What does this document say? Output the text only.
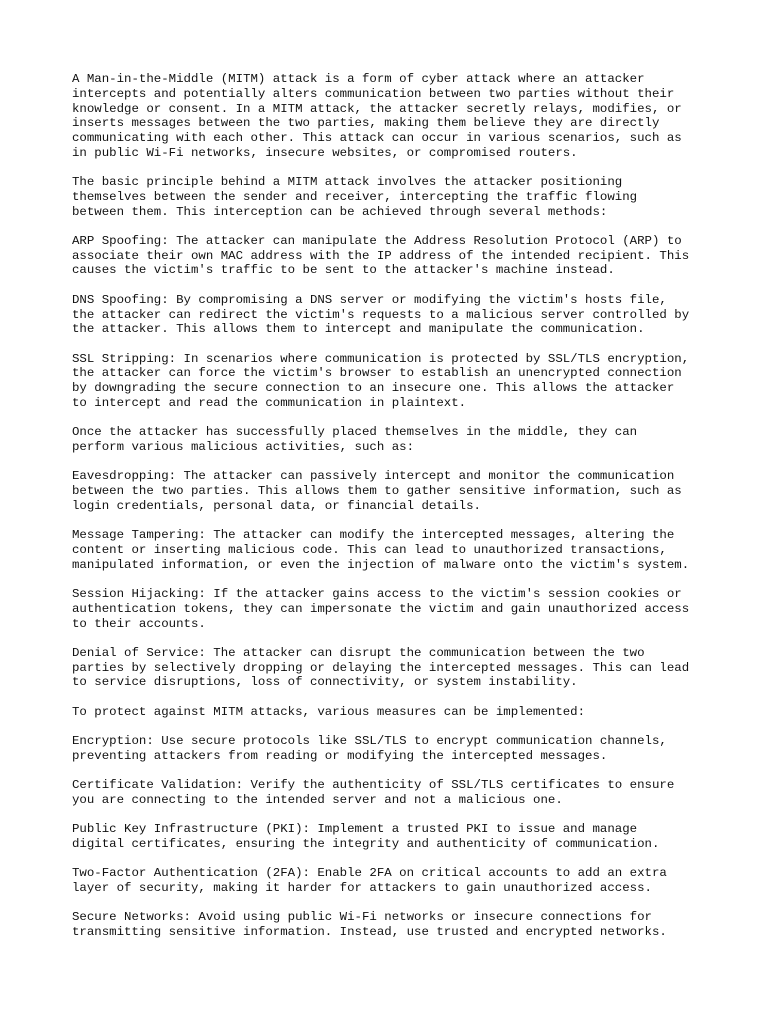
A Man-in-the-Middle (MITM) attack is a form of cyber attack where an attacker
intercepts and potentially alters communication between two parties without their
knowledge or consent. In a MITM attack, the attacker secretly relays, modifies, or
inserts messages between the two parties, making them believe they are directly
communicating with each other. This attack can occur in various scenarios, such as
in public Wi-Fi networks, insecure websites, or compromised routers.

The basic principle behind a MITM attack involves the attacker positioning
themselves between the sender and receiver, intercepting the traffic flowing
between them. This interception can be achieved through several methods:

ARP Spoofing: The attacker can manipulate the Address Resolution Protocol (ARP) to
associate their own MAC address with the IP address of the intended recipient. This
causes the victim's traffic to be sent to the attacker's machine instead.

DNS Spoofing: By compromising a DNS server or modifying the victim's hosts file,
the attacker can redirect the victim's requests to a malicious server controlled by
the attacker. This allows them to intercept and manipulate the communication.

SSL Stripping: In scenarios where communication is protected by SSL/TLS encryption,
the attacker can force the victim's browser to establish an unencrypted connection
by downgrading the secure connection to an insecure one. This allows the attacker
to intercept and read the communication in plaintext.

Once the attacker has successfully placed themselves in the middle, they can
perform various malicious activities, such as:

Eavesdropping: The attacker can passively intercept and monitor the communication
between the two parties. This allows them to gather sensitive information, such as
login credentials, personal data, or financial details.

Message Tampering: The attacker can modify the intercepted messages, altering the
content or inserting malicious code. This can lead to unauthorized transactions,
manipulated information, or even the injection of malware onto the victim's system.

Session Hijacking: If the attacker gains access to the victim's session cookies or
authentication tokens, they can impersonate the victim and gain unauthorized access
to their accounts.

Denial of Service: The attacker can disrupt the communication between the two
parties by selectively dropping or delaying the intercepted messages. This can lead
to service disruptions, loss of connectivity, or system instability.

To protect against MITM attacks, various measures can be implemented:

Encryption: Use secure protocols like SSL/TLS to encrypt communication channels,
preventing attackers from reading or modifying the intercepted messages.

Certificate Validation: Verify the authenticity of SSL/TLS certificates to ensure
you are connecting to the intended server and not a malicious one.

Public Key Infrastructure (PKI): Implement a trusted PKI to issue and manage
digital certificates, ensuring the integrity and authenticity of communication.

Two-Factor Authentication (2FA): Enable 2FA on critical accounts to add an extra
layer of security, making it harder for attackers to gain unauthorized access.

Secure Networks: Avoid using public Wi-Fi networks or insecure connections for
transmitting sensitive information. Instead, use trusted and encrypted networks.
